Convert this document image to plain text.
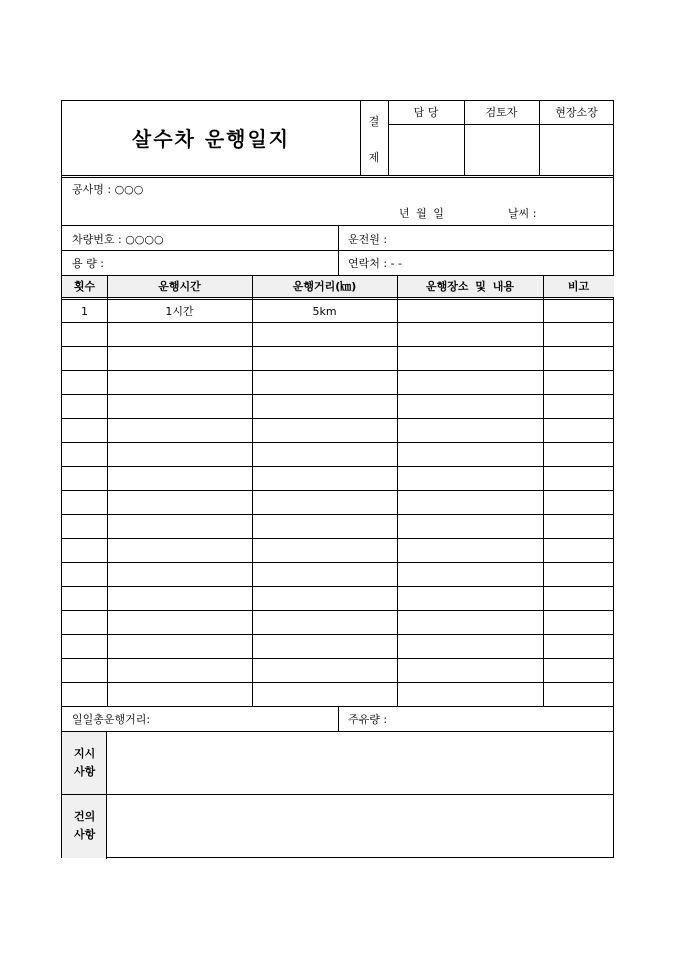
살수차 운행일지
결
제
담 당	검토자	현장소장
공사명 : ○○○
년 월 일	날씨 :
차량번호 : ○○○○	운전원 :
용 량 :	연락처 : - -
횟수	운행시간	운행거리(㎞)	운행장소 및 내용	비고
1	1시간	5km
일일총운행거리:	주유량 :
지시
사항
건의
사항
